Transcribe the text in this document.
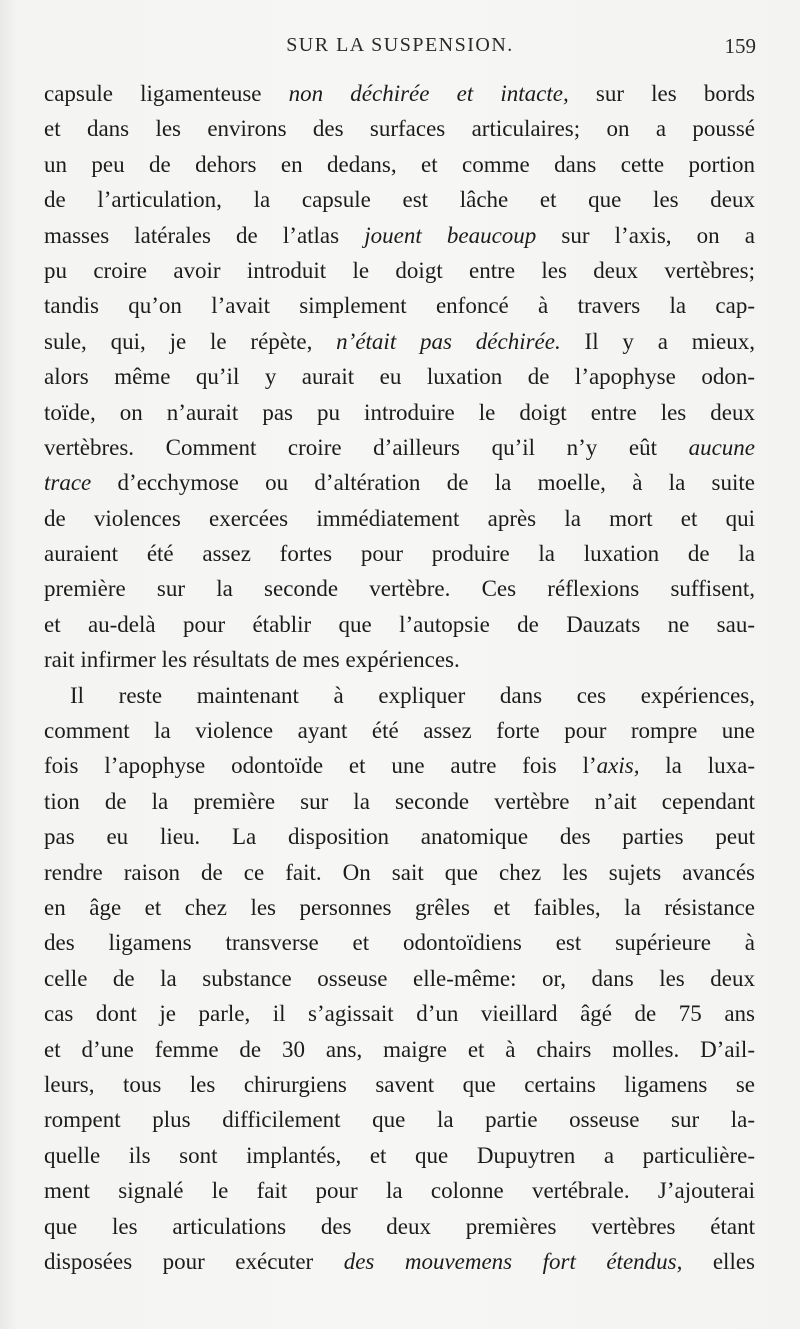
SUR LA SUSPENSION.	159
capsule ligamenteuse non déchirée et intacte, sur les bords
et dans les environs des surfaces articulaires; on a poussé
un peu de dehors en dedans, et comme dans cette portion
de l’articulation, la capsule est lâche et que les deux
masses latérales de l’atlas jouent beaucoup sur l’axis, on a
pu croire avoir introduit le doigt entre les deux vertèbres;
tandis qu’on l’avait simplement enfoncé à travers la cap-
sule, qui, je le répète, n’était pas déchirée. Il y a mieux,
alors même qu’il y aurait eu luxation de l’apophyse odon-
toïde, on n’aurait pas pu introduire le doigt entre les deux
vertèbres. Comment croire d’ailleurs qu’il n’y eût aucune
trace d’ecchymose ou d’altération de la moelle, à la suite
de violences exercées immédiatement après la mort et qui
auraient été assez fortes pour produire la luxation de la
première sur la seconde vertèbre. Ces réflexions suffisent,
et au-delà pour établir que l’autopsie de Dauzats ne sau-
rait infirmer les résultats de mes expériences.
Il reste maintenant à expliquer dans ces expériences,
comment la violence ayant été assez forte pour rompre une
fois l’apophyse odontoïde et une autre fois l’axis, la luxa-
tion de la première sur la seconde vertèbre n’ait cependant
pas eu lieu. La disposition anatomique des parties peut
rendre raison de ce fait. On sait que chez les sujets avancés
en âge et chez les personnes grêles et faibles, la résistance
des ligamens transverse et odontoïdiens est supérieure à
celle de la substance osseuse elle-même: or, dans les deux
cas dont je parle, il s’agissait d’un vieillard âgé de 75 ans
et d’une femme de 30 ans, maigre et à chairs molles. D’ail-
leurs, tous les chirurgiens savent que certains ligamens se
rompent plus difficilement que la partie osseuse sur la-
quelle ils sont implantés, et que Dupuytren a particulière-
ment signalé le fait pour la colonne vertébrale. J’ajouterai
que les articulations des deux premières vertèbres étant
disposées pour exécuter des mouvemens fort étendus, elles
